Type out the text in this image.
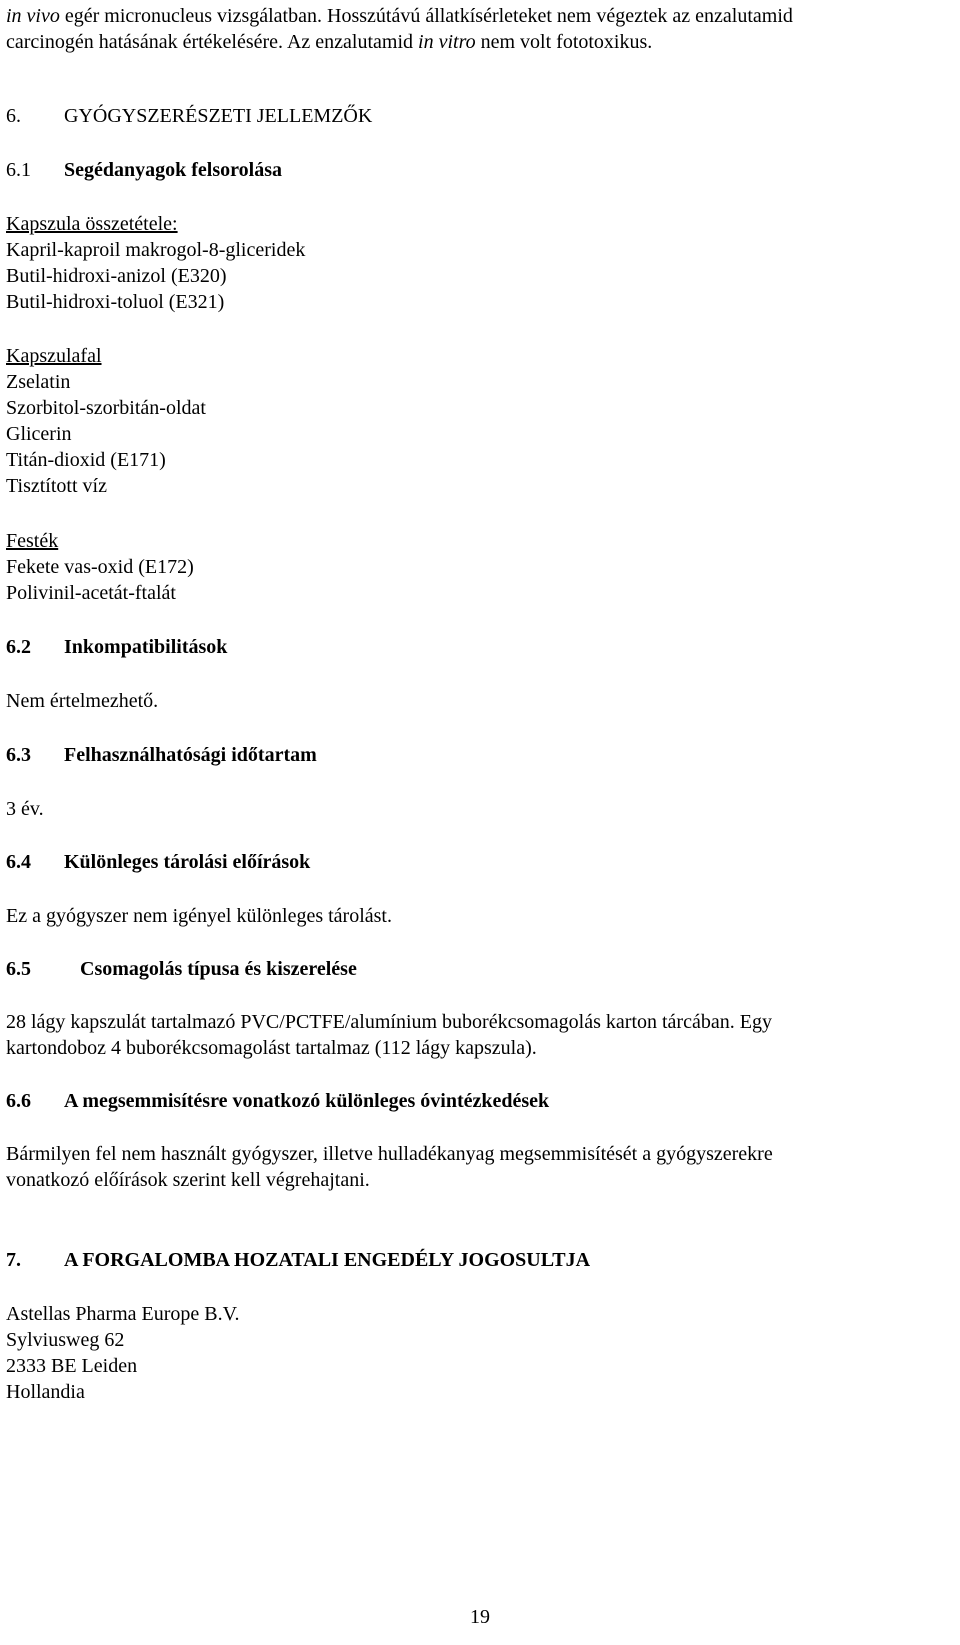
in vivo egér micronucleus vizsgálatban. Hosszútávú állatkísérleteket nem végeztek az enzalutamid

carcinogén hatásának értékelésére. Az enzalutamid in vitro nem volt fototoxikus.

6. GYÓGYSZERÉSZETI JELLEMZŐK

6.1 Segédanyagok felsorolása

Kapszula összetétele:

Kapril-kaproil makrogol-8-gliceridek

Butil-hidroxi-anizol (E320)

Butil-hidroxi-toluol (E321)

Kapszulafal

Zselatin

Szorbitol-szorbitán-oldat

Glicerin

Titán-dioxid (E171)

Tisztított víz

Festék

Fekete vas-oxid (E172)

Polivinil-acetát-ftalát

6.2 Inkompatibilitások

Nem értelmezhető.

6.3 Felhasználhatósági időtartam

3 év.

6.4 Különleges tárolási előírások

Ez a gyógyszer nem igényel különleges tárolást.

6.5 Csomagolás típusa és kiszerelése

28 lágy kapszulát tartalmazó PVC/PCTFE/alumínium buborékcsomagolás karton tárcában. Egy

kartondoboz 4 buborékcsomagolást tartalmaz (112 lágy kapszula).

6.6 A megsemmisítésre vonatkozó különleges óvintézkedések

Bármilyen fel nem használt gyógyszer, illetve hulladékanyag megsemmisítését a gyógyszerekre

vonatkozó előírások szerint kell végrehajtani.

7. A FORGALOMBA HOZATALI ENGEDÉLY JOGOSULTJA

Astellas Pharma Europe B.V.

Sylviusweg 62

2333 BE Leiden

Hollandia

19
